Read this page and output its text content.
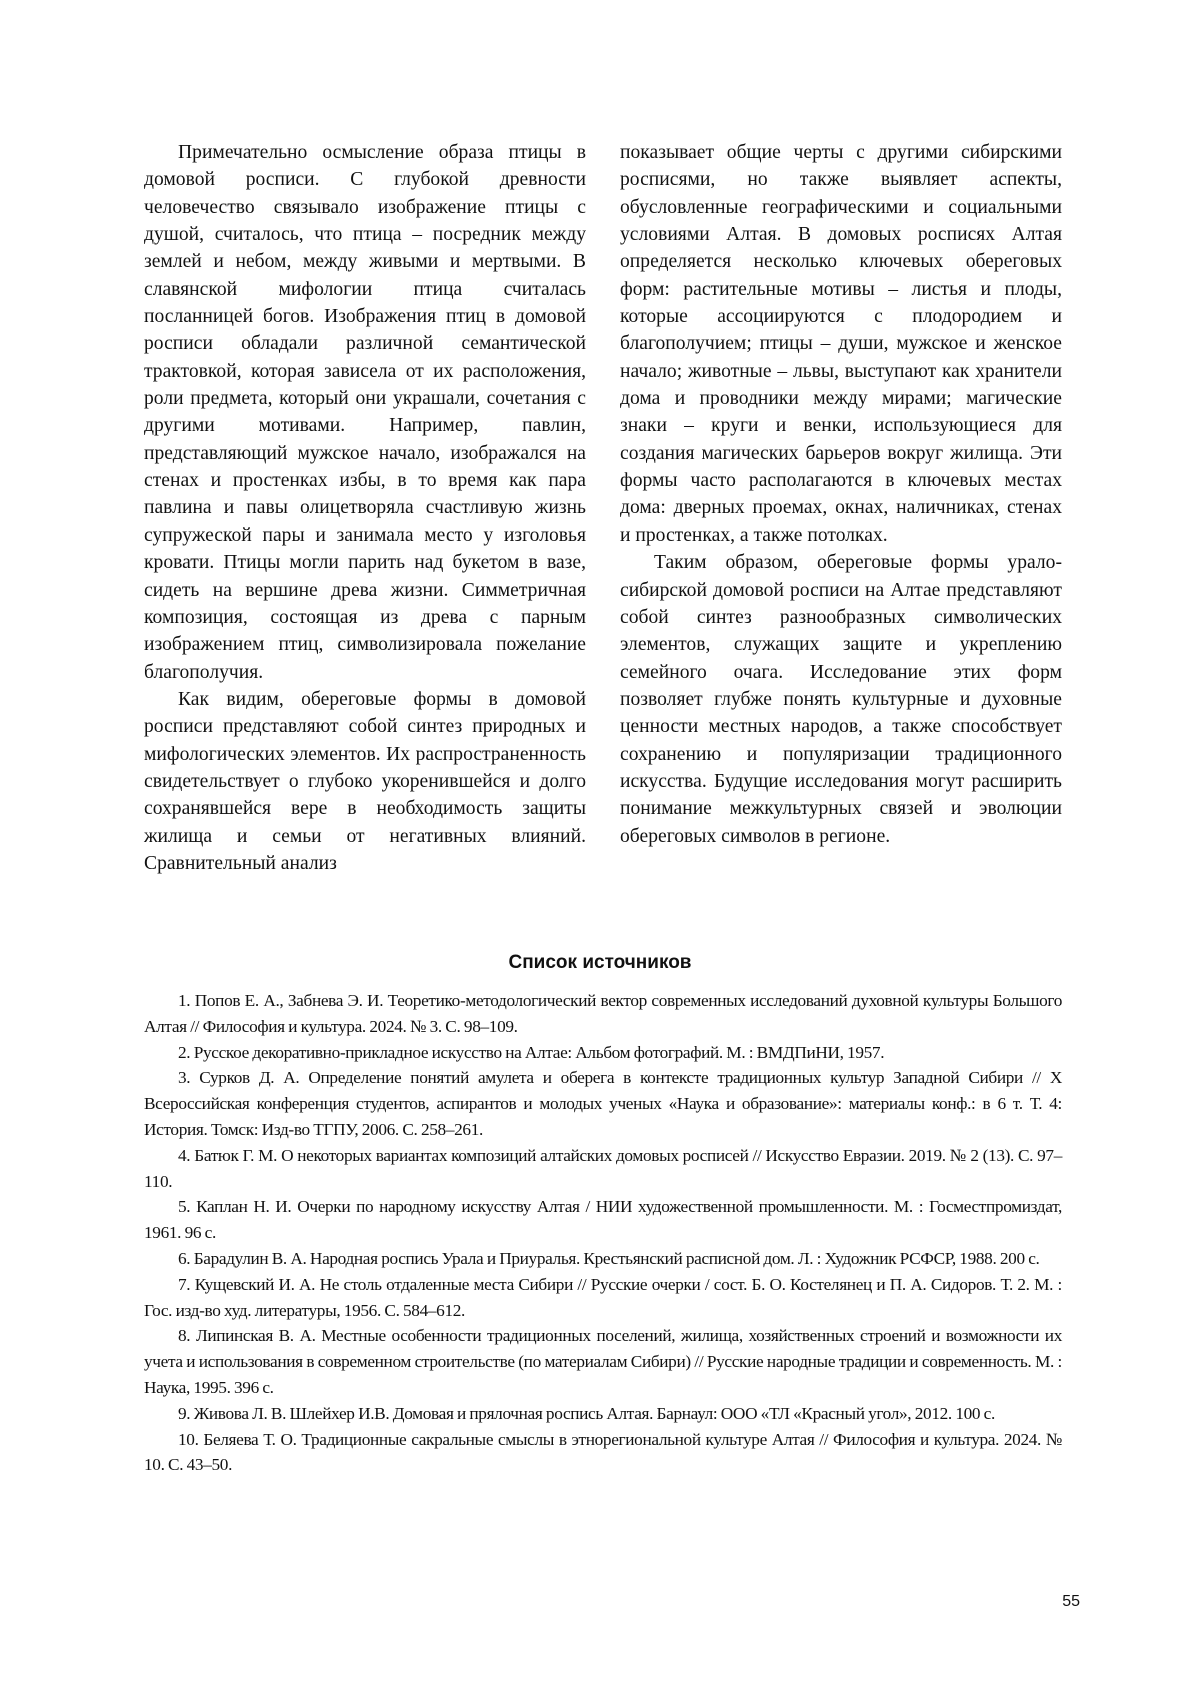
Примечательно осмысление образа птицы в домовой росписи. С глубокой древности человечество связывало изображение птицы с душой, считалось, что птица – посредник между землей и небом, между живыми и мертвыми. В славянской мифологии птица считалась посланницей богов. Изображения птиц в домовой росписи обладали различной семантической трактовкой, которая зависела от их расположения, роли предмета, который они украшали, сочетания с другими мотивами. Например, павлин, представляющий мужское начало, изображался на стенах и простенках избы, в то время как пара павлина и павы олицетворяла счастливую жизнь супружеской пары и занимала место у изголовья кровати. Птицы могли парить над букетом в вазе, сидеть на вершине древа жизни. Симметричная композиция, состоящая из древа с парным изображением птиц, символизировала пожелание благополучия.

Как видим, обереговые формы в домовой росписи представляют собой синтез природных и мифологических элементов. Их распространенность свидетельствует о глубоко укоренившейся и долго сохранявшейся вере в необходимость защиты жилища и семьи от негативных влияний. Сравнительный анализ

показывает общие черты с другими сибирскими росписями, но также выявляет аспекты, обусловленные географическими и социальными условиями Алтая. В домовых росписях Алтая определяется несколько ключевых обереговых форм: растительные мотивы – листья и плоды, которые ассоциируются с плодородием и благополучием; птицы – души, мужское и женское начало; животные – львы, выступают как хранители дома и проводники между мирами; магические знаки – круги и венки, использующиеся для создания магических барьеров вокруг жилища. Эти формы часто располагаются в ключевых местах дома: дверных проемах, окнах, наличниках, стенах и простенках, а также потолках.

Таким образом, обереговые формы урало-сибирской домовой росписи на Алтае представляют собой синтез разнообразных символических элементов, служащих защите и укреплению семейного очага. Исследование этих форм позволяет глубже понять культурные и духовные ценности местных народов, а также способствует сохранению и популяризации традиционного искусства. Будущие исследования могут расширить понимание межкультурных связей и эволюции обереговых символов в регионе.

Список источников
1. Попов Е. А., Забнева Э. И. Теоретико-методологический вектор современных исследований духовной культуры Большого Алтая // Философия и культура. 2024. № 3. С. 98–109.
2. Русское декоративно-прикладное искусство на Алтае: Альбом фотографий. М. : ВМДПиНИ, 1957.
3. Сурков Д. А. Определение понятий амулета и оберега в контексте традиционных культур Западной Сибири // X Всероссийская конференция студентов, аспирантов и молодых ученых «Наука и образование»: материалы конф.: в 6 т. Т. 4: История. Томск: Изд-во ТГПУ, 2006. С. 258–261.
4. Батюк Г. М. О некоторых вариантах композиций алтайских домовых росписей // Искусство Евразии. 2019. № 2 (13). С. 97–110.
5. Каплан Н. И. Очерки по народному искусству Алтая / НИИ художественной промышленности. М. : Госместпромиздат, 1961. 96 с.
6. Барадулин В. А. Народная роспись Урала и Приуралья. Крестьянский расписной дом. Л. : Художник РСФСР, 1988. 200 с.
7. Кущевский И. А. Не столь отдаленные места Сибири // Русские очерки / сост. Б. О. Костелянец и П. А. Сидоров. Т. 2. М. : Гос. изд-во худ. литературы, 1956. С. 584–612.
8. Липинская В. А. Местные особенности традиционных поселений, жилища, хозяйственных строений и возможности их учета и использования в современном строительстве (по материалам Сибири) // Русские народные традиции и современность. М. : Наука, 1995. 396 с.
9. Живова Л. В. Шлейхер И.В. Домовая и прялочная роспись Алтая. Барнаул: ООО «ТЛ «Красный угол», 2012. 100 с.
10. Беляева Т. О. Традиционные сакральные смыслы в этнорегиональной культуре Алтая // Философия и культура. 2024. № 10. С. 43–50.
55
